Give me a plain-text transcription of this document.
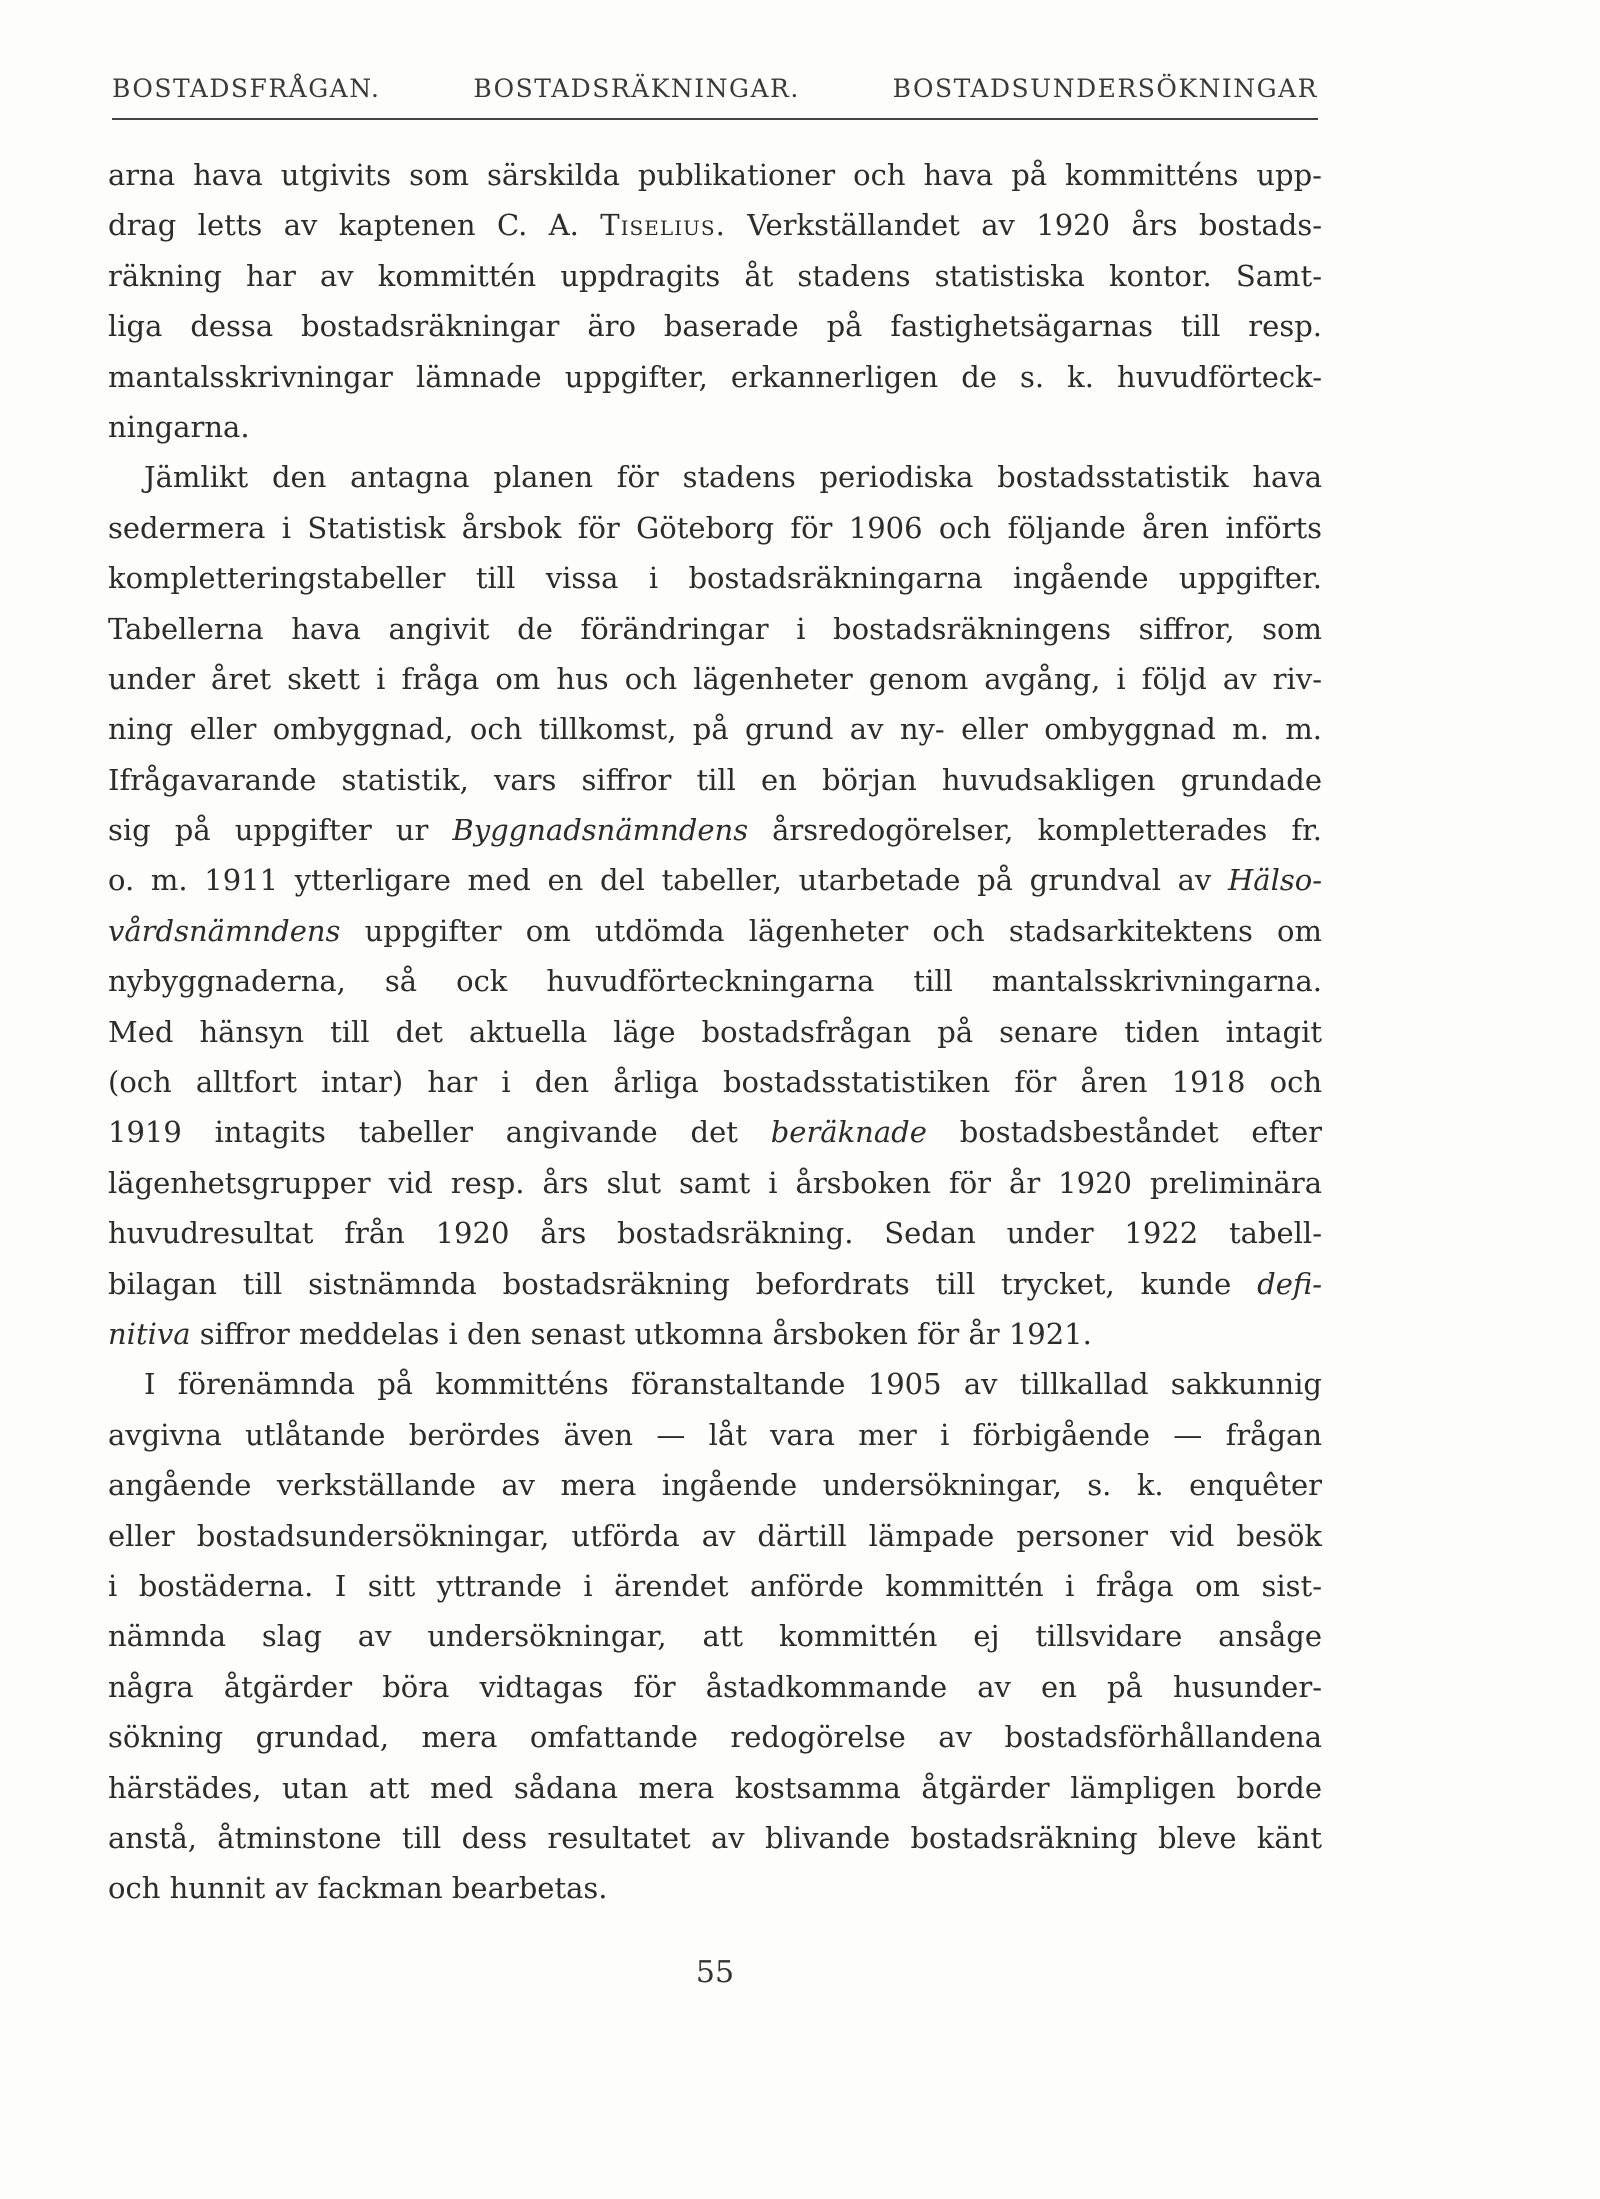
BOSTADSFRÅGAN.	BOSTADSRÄKNINGAR.	BOSTADSUNDERSÖKNINGAR
arna hava utgivits som särskilda publikationer och hava på kommitténs upp-
drag letts av kaptenen C. A. Tiselius. Verkställandet av 1920 års bostads-
räkning har av kommittén uppdragits åt stadens statistiska kontor. Samt-
liga dessa bostadsräkningar äro baserade på fastighetsägarnas till resp.
mantalsskrivningar lämnade uppgifter, erkannerligen de s. k. huvudförteck-
ningarna.
Jämlikt den antagna planen för stadens periodiska bostadsstatistik hava
sedermera i Statistisk årsbok för Göteborg för 1906 och följande åren införts
kompletteringstabeller till vissa i bostadsräkningarna ingående uppgifter.
Tabellerna hava angivit de förändringar i bostadsräkningens siffror, som
under året skett i fråga om hus och lägenheter genom avgång, i följd av riv-
ning eller ombyggnad, och tillkomst, på grund av ny- eller ombyggnad m. m.
Ifrågavarande statistik, vars siffror till en början huvudsakligen grundade
sig på uppgifter ur Byggnadsnämndens årsredogörelser, kompletterades fr.
o. m. 1911 ytterligare med en del tabeller, utarbetade på grundval av Hälso-
vårdsnämndens uppgifter om utdömda lägenheter och stadsarkitektens om
nybyggnaderna, så ock huvudförteckningarna till mantalsskrivningarna.
Med hänsyn till det aktuella läge bostadsfrågan på senare tiden intagit
(och alltfort intar) har i den årliga bostadsstatistiken för åren 1918 och
1919 intagits tabeller angivande det beräknade bostadsbeståndet efter
lägenhetsgrupper vid resp. års slut samt i årsboken för år 1920 preliminära
huvudresultat från 1920 års bostadsräkning. Sedan under 1922 tabell-
bilagan till sistnämnda bostadsräkning befordrats till trycket, kunde defi-
nitiva siffror meddelas i den senast utkomna årsboken för år 1921.
I förenämnda på kommitténs föranstaltande 1905 av tillkallad sakkunnig
avgivna utlåtande berördes även — låt vara mer i förbigående — frågan
angående verkställande av mera ingående undersökningar, s. k. enquêter
eller bostadsundersökningar, utförda av därtill lämpade personer vid besök
i bostäderna. I sitt yttrande i ärendet anförde kommittén i fråga om sist-
nämnda slag av undersökningar, att kommittén ej tillsvidare ansåge
några åtgärder böra vidtagas för åstadkommande av en på husunder-
sökning grundad, mera omfattande redogörelse av bostadsförhållandena
härstädes, utan att med sådana mera kostsamma åtgärder lämpligen borde
anstå, åtminstone till dess resultatet av blivande bostadsräkning bleve känt
och hunnit av fackman bearbetas.
55
